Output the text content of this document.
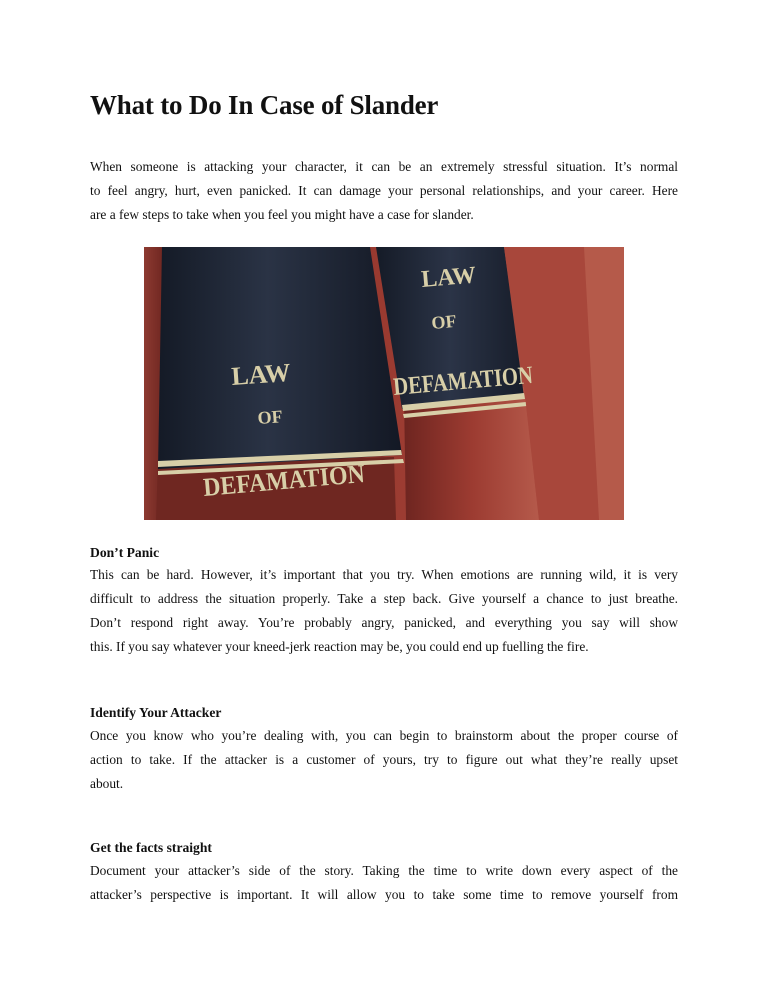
What to Do In Case of Slander

When someone is attacking your character, it can be an extremely stressful situation. It’s normal
to feel angry, hurt, even panicked. It can damage your personal relationships, and your career. Here
are a few steps to take when you feel you might have a case for slander.

LAW
OF
DEFAMATION
LAW
OF
DEFAMATION
Don’t Panic

This can be hard. However, it’s important that you try. When emotions are running wild, it is very
difficult to address the situation properly. Take a step back. Give yourself a chance to just breathe.
Don’t respond right away. You’re probably angry, panicked, and everything you say will show
this. If you say whatever your kneed-jerk reaction may be, you could end up fuelling the fire.

Identify Your Attacker

Once you know who you’re dealing with, you can begin to brainstorm about the proper course of
action to take. If the attacker is a customer of yours, try to figure out what they’re really upset
about.

Get the facts straight

Document your attacker’s side of the story. Taking the time to write down every aspect of the
attacker’s perspective is important. It will allow you to take some time to remove yourself from
